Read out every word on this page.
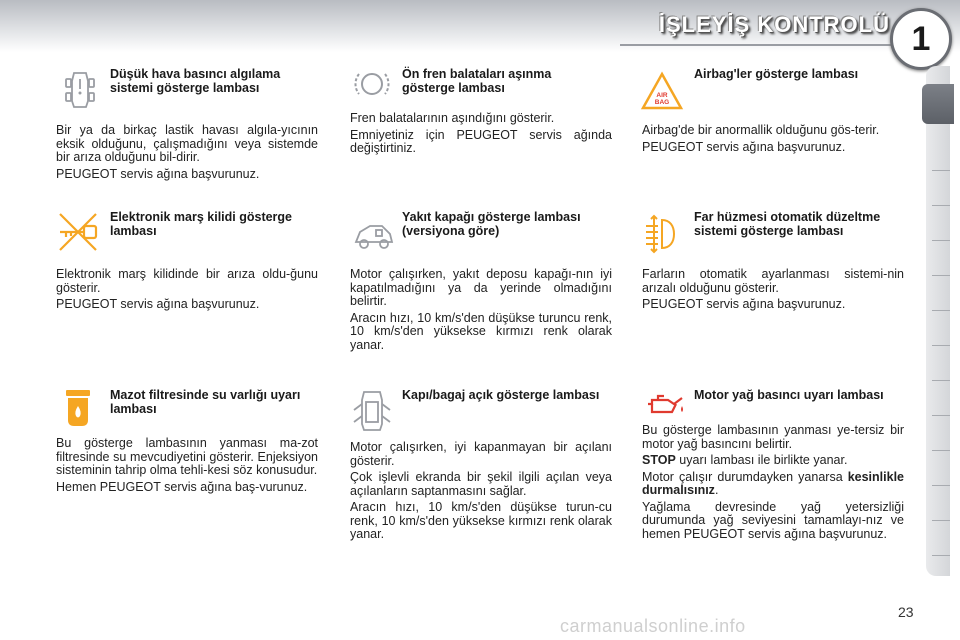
İŞLEYİŞ KONTROLÜ 1
Düşük hava basıncı algılama sistemi gösterge lambası

Bir ya da birkaç lastik havası algıla-yıcının eksik olduğunu, çalışmadığını veya sistemde bir arıza olduğunu bil-dirir.

PEUGEOT servis ağına başvurunuz.

Ön fren balataları aşınma gösterge lambası

Fren balatalarının aşındığını gösterir.

Emniyetiniz için PEUGEOT servis ağında değiştirtiniz.

AIR
BAG
Airbag'ler gösterge lambası

Airbag'de bir anormallik olduğunu gös-terir.

PEUGEOT servis ağına başvurunuz.

Elektronik marş kilidi gösterge lambası

Elektronik marş kilidinde bir arıza oldu-ğunu gösterir.

PEUGEOT servis ağına başvurunuz.

Yakıt kapağı gösterge lambası (versiyona göre)

Motor çalışırken, yakıt deposu kapağı-nın iyi kapatılmadığını ya da yerinde olmadığını belirtir.

Aracın hızı, 10 km/s'den düşükse turuncu renk, 10 km/s'den yüksekse kırmızı renk olarak yanar.

Far hüzmesi otomatik düzeltme sistemi gösterge lambası

Farların otomatik ayarlanması sistemi-nin arızalı olduğunu gösterir.

PEUGEOT servis ağına başvurunuz.

Mazot filtresinde su varlığı uyarı lambası

Bu gösterge lambasının yanması ma-zot filtresinde su mevcudiyetini gösterir. Enjeksiyon sisteminin tahrip olma tehli-kesi söz konusudur.

Hemen PEUGEOT servis ağına baş-vurunuz.

Kapı/bagaj açık gösterge lambası

Motor çalışırken, iyi kapanmayan bir açılanı gösterir.

Çok işlevli ekranda bir şekil ilgili açılan veya açılanların saptanmasını sağlar.

Aracın hızı, 10 km/s'den düşükse turun-cu renk, 10 km/s'den yüksekse kırmızı renk olarak yanar.

Motor yağ basıncı uyarı lambası

Bu gösterge lambasının yanması ye-tersiz bir motor yağ basıncını belirtir.

STOP uyarı lambası ile birlikte yanar.

Motor çalışır durumdayken yanarsa kesinlikle durmalısınız.

Yağlama devresinde yağ yetersizliği durumunda yağ seviyesini tamamlayı-nız ve hemen PEUGEOT servis ağına başvurunuz.

23
carmanualsonline.info
